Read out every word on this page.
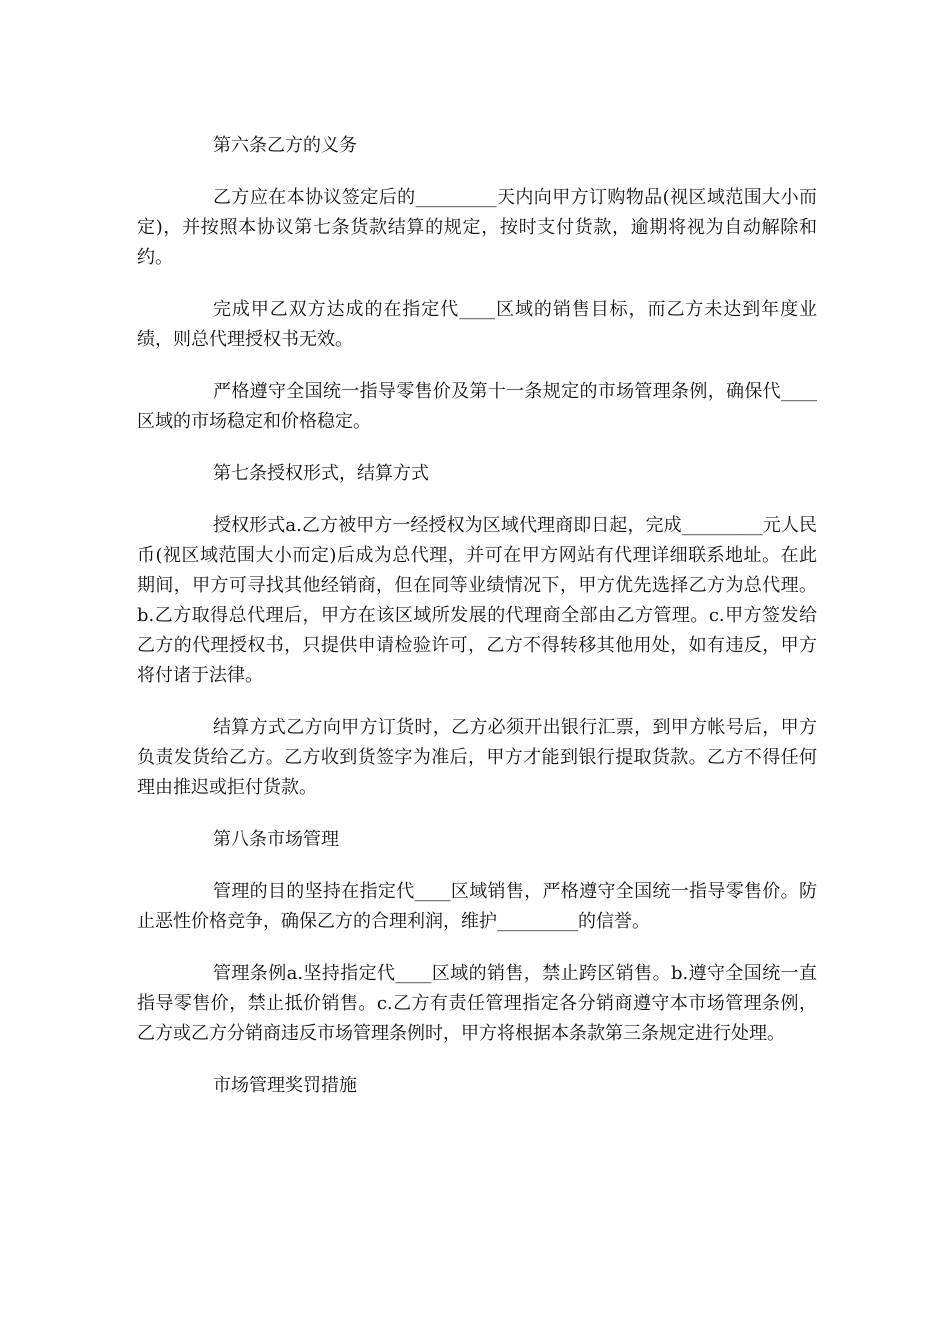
第六条乙方的义务

乙方应在本协议签定后的_________天内向甲方订购物品(视区域范围大小而定)，并按照本协议第七条货款结算的规定，按时支付货款，逾期将视为自动解除和约。

完成甲乙双方达成的在指定代____区域的销售目标，而乙方未达到年度业绩，则总代理授权书无效。

严格遵守全国统一指导零售价及第十一条规定的市场管理条例，确保代____区域的市场稳定和价格稳定。

第七条授权形式，结算方式

授权形式a.乙方被甲方一经授权为区域代理商即日起，完成_________元人民币(视区域范围大小而定)后成为总代理，并可在甲方网站有代理详细联系地址。在此期间，甲方可寻找其他经销商，但在同等业绩情况下，甲方优先选择乙方为总代理。b.乙方取得总代理后，甲方在该区域所发展的代理商全部由乙方管理。c.甲方签发给乙方的代理授权书，只提供申请检验许可，乙方不得转移其他用处，如有违反，甲方将付诸于法律。

结算方式乙方向甲方订货时，乙方必须开出银行汇票，到甲方帐号后，甲方负责发货给乙方。乙方收到货签字为准后，甲方才能到银行提取货款。乙方不得任何理由推迟或拒付货款。

第八条市场管理

管理的目的坚持在指定代____区域销售，严格遵守全国统一指导零售价。防止恶性价格竞争，确保乙方的合理利润，维护_________的信誉。

管理条例a.坚持指定代____区域的销售，禁止跨区销售。b.遵守全国统一直指导零售价，禁止抵价销售。c.乙方有责任管理指定各分销商遵守本市场管理条例，乙方或乙方分销商违反市场管理条例时，甲方将根据本条款第三条规定进行处理。

市场管理奖罚措施
